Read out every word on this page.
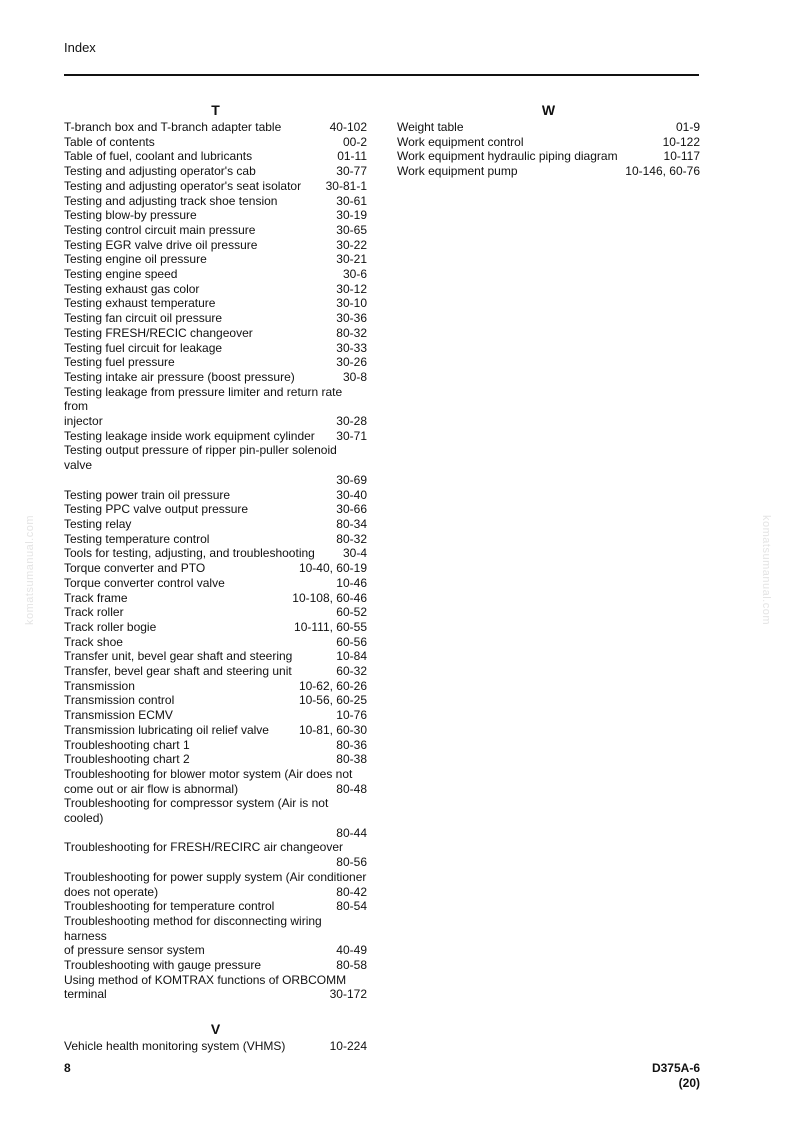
Index
T
T-branch box and T-branch adapter table	40-102
Table of contents	00-2
Table of fuel, coolant and lubricants	01-11
Testing and adjusting operator's cab	30-77
Testing and adjusting operator's seat isolator	30-81-1
Testing and adjusting track shoe tension	30-61
Testing blow-by pressure	30-19
Testing control circuit main pressure	30-65
Testing EGR valve drive oil pressure	30-22
Testing engine oil pressure	30-21
Testing engine speed	30-6
Testing exhaust gas color	30-12
Testing exhaust temperature	30-10
Testing fan circuit oil pressure	30-36
Testing FRESH/RECIC changeover	80-32
Testing fuel circuit for leakage	30-33
Testing fuel pressure	30-26
Testing intake air pressure (boost pressure)	30-8
Testing leakage from pressure limiter and return rate from
injector	30-28
Testing leakage inside work equipment cylinder	30-71
Testing output pressure of ripper pin-puller solenoid valve
30-69
Testing power train oil pressure	30-40
Testing PPC valve output pressure	30-66
Testing relay	80-34
Testing temperature control	80-32
Tools for testing, adjusting, and troubleshooting	30-4
Torque converter and PTO	10-40, 60-19
Torque converter control valve	10-46
Track frame	10-108, 60-46
Track roller	60-52
Track roller bogie	10-111, 60-55
Track shoe	60-56
Transfer unit, bevel gear shaft and steering	10-84
Transfer, bevel gear shaft and steering unit	60-32
Transmission	10-62, 60-26
Transmission control	10-56, 60-25
Transmission ECMV	10-76
Transmission lubricating oil relief valve	10-81, 60-30
Troubleshooting chart 1	80-36
Troubleshooting chart 2	80-38
Troubleshooting for blower motor system (Air does not
come out or air flow is abnormal)	80-48
Troubleshooting for compressor system (Air is not cooled)
80-44
Troubleshooting for FRESH/RECIRC air changeover
80-56
Troubleshooting for power supply system (Air conditioner
does not operate)	80-42
Troubleshooting for temperature control	80-54
Troubleshooting method for disconnecting wiring harness
of pressure sensor system	40-49
Troubleshooting with gauge pressure	80-58
Using method of KOMTRAX functions of ORBCOMM
terminal	30-172
V
Vehicle health monitoring system (VHMS)	10-224
W
Weight table	01-9
Work equipment control	10-122
Work equipment hydraulic piping diagram	10-117
Work equipment pump	10-146, 60-76
komatsumanual.com	komatsumanual.com
8	D375A-6
(20)
